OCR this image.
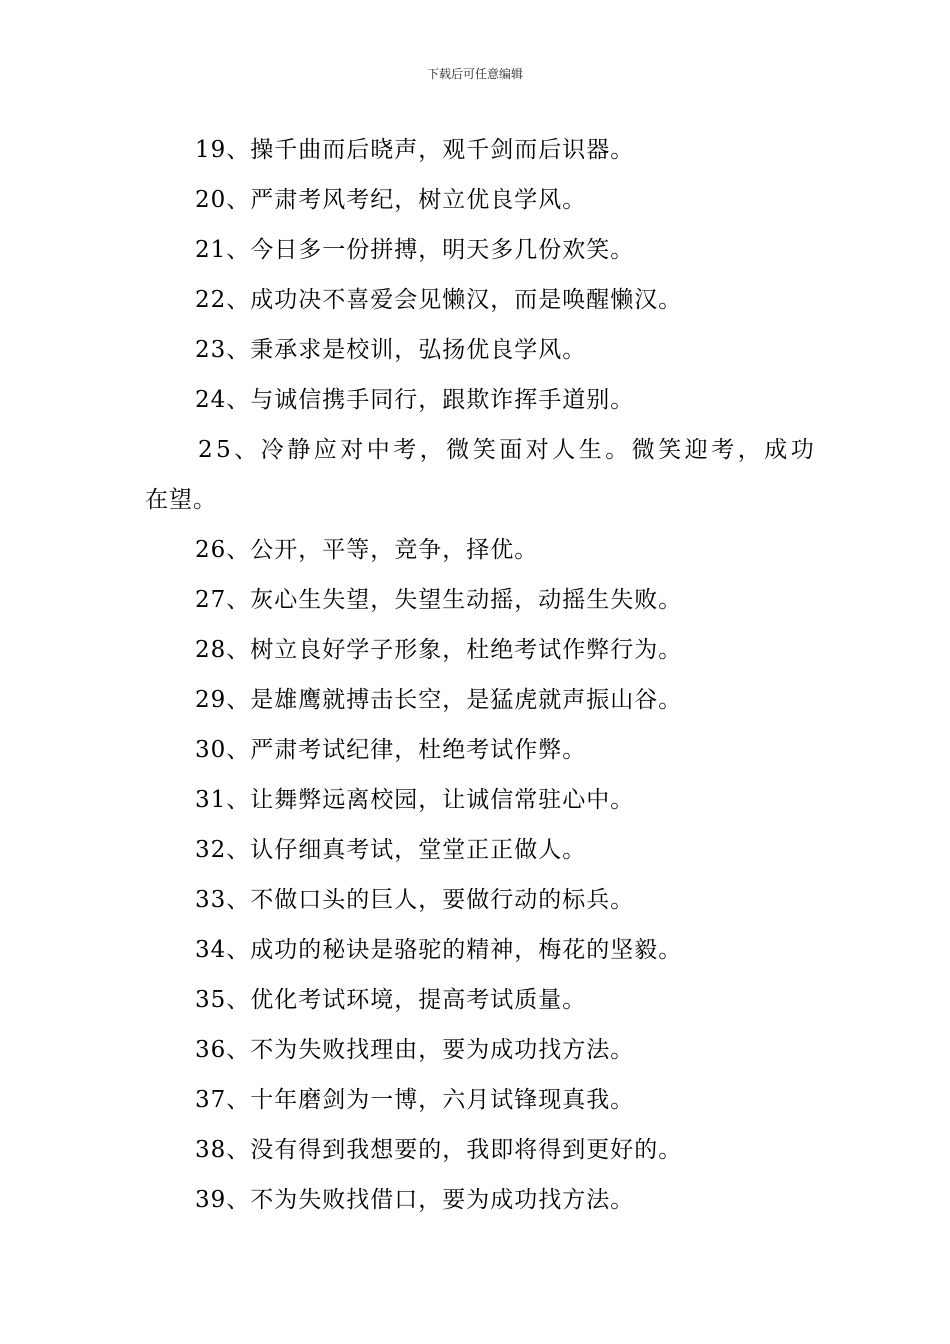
下载后可任意编辑
19、操千曲而后晓声，观千剑而后识器。
20、严肃考风考纪，树立优良学风。
21、今日多一份拼搏，明天多几份欢笑。
22、成功决不喜爱会见懒汉，而是唤醒懒汉。
23、秉承求是校训，弘扬优良学风。
24、与诚信携手同行，跟欺诈挥手道别。
25、冷静应对中考，微笑面对人生。微笑迎考，成功
在望。
26、公开，平等，竞争，择优。
27、灰心生失望，失望生动摇，动摇生失败。
28、树立良好学子形象，杜绝考试作弊行为。
29、是雄鹰就搏击长空，是猛虎就声振山谷。
30、严肃考试纪律，杜绝考试作弊。
31、让舞弊远离校园，让诚信常驻心中。
32、认仔细真考试，堂堂正正做人。
33、不做口头的巨人，要做行动的标兵。
34、成功的秘诀是骆驼的精神，梅花的坚毅。
35、优化考试环境，提高考试质量。
36、不为失败找理由，要为成功找方法。
37、十年磨剑为一博，六月试锋现真我。
38、没有得到我想要的，我即将得到更好的。
39、不为失败找借口，要为成功找方法。
